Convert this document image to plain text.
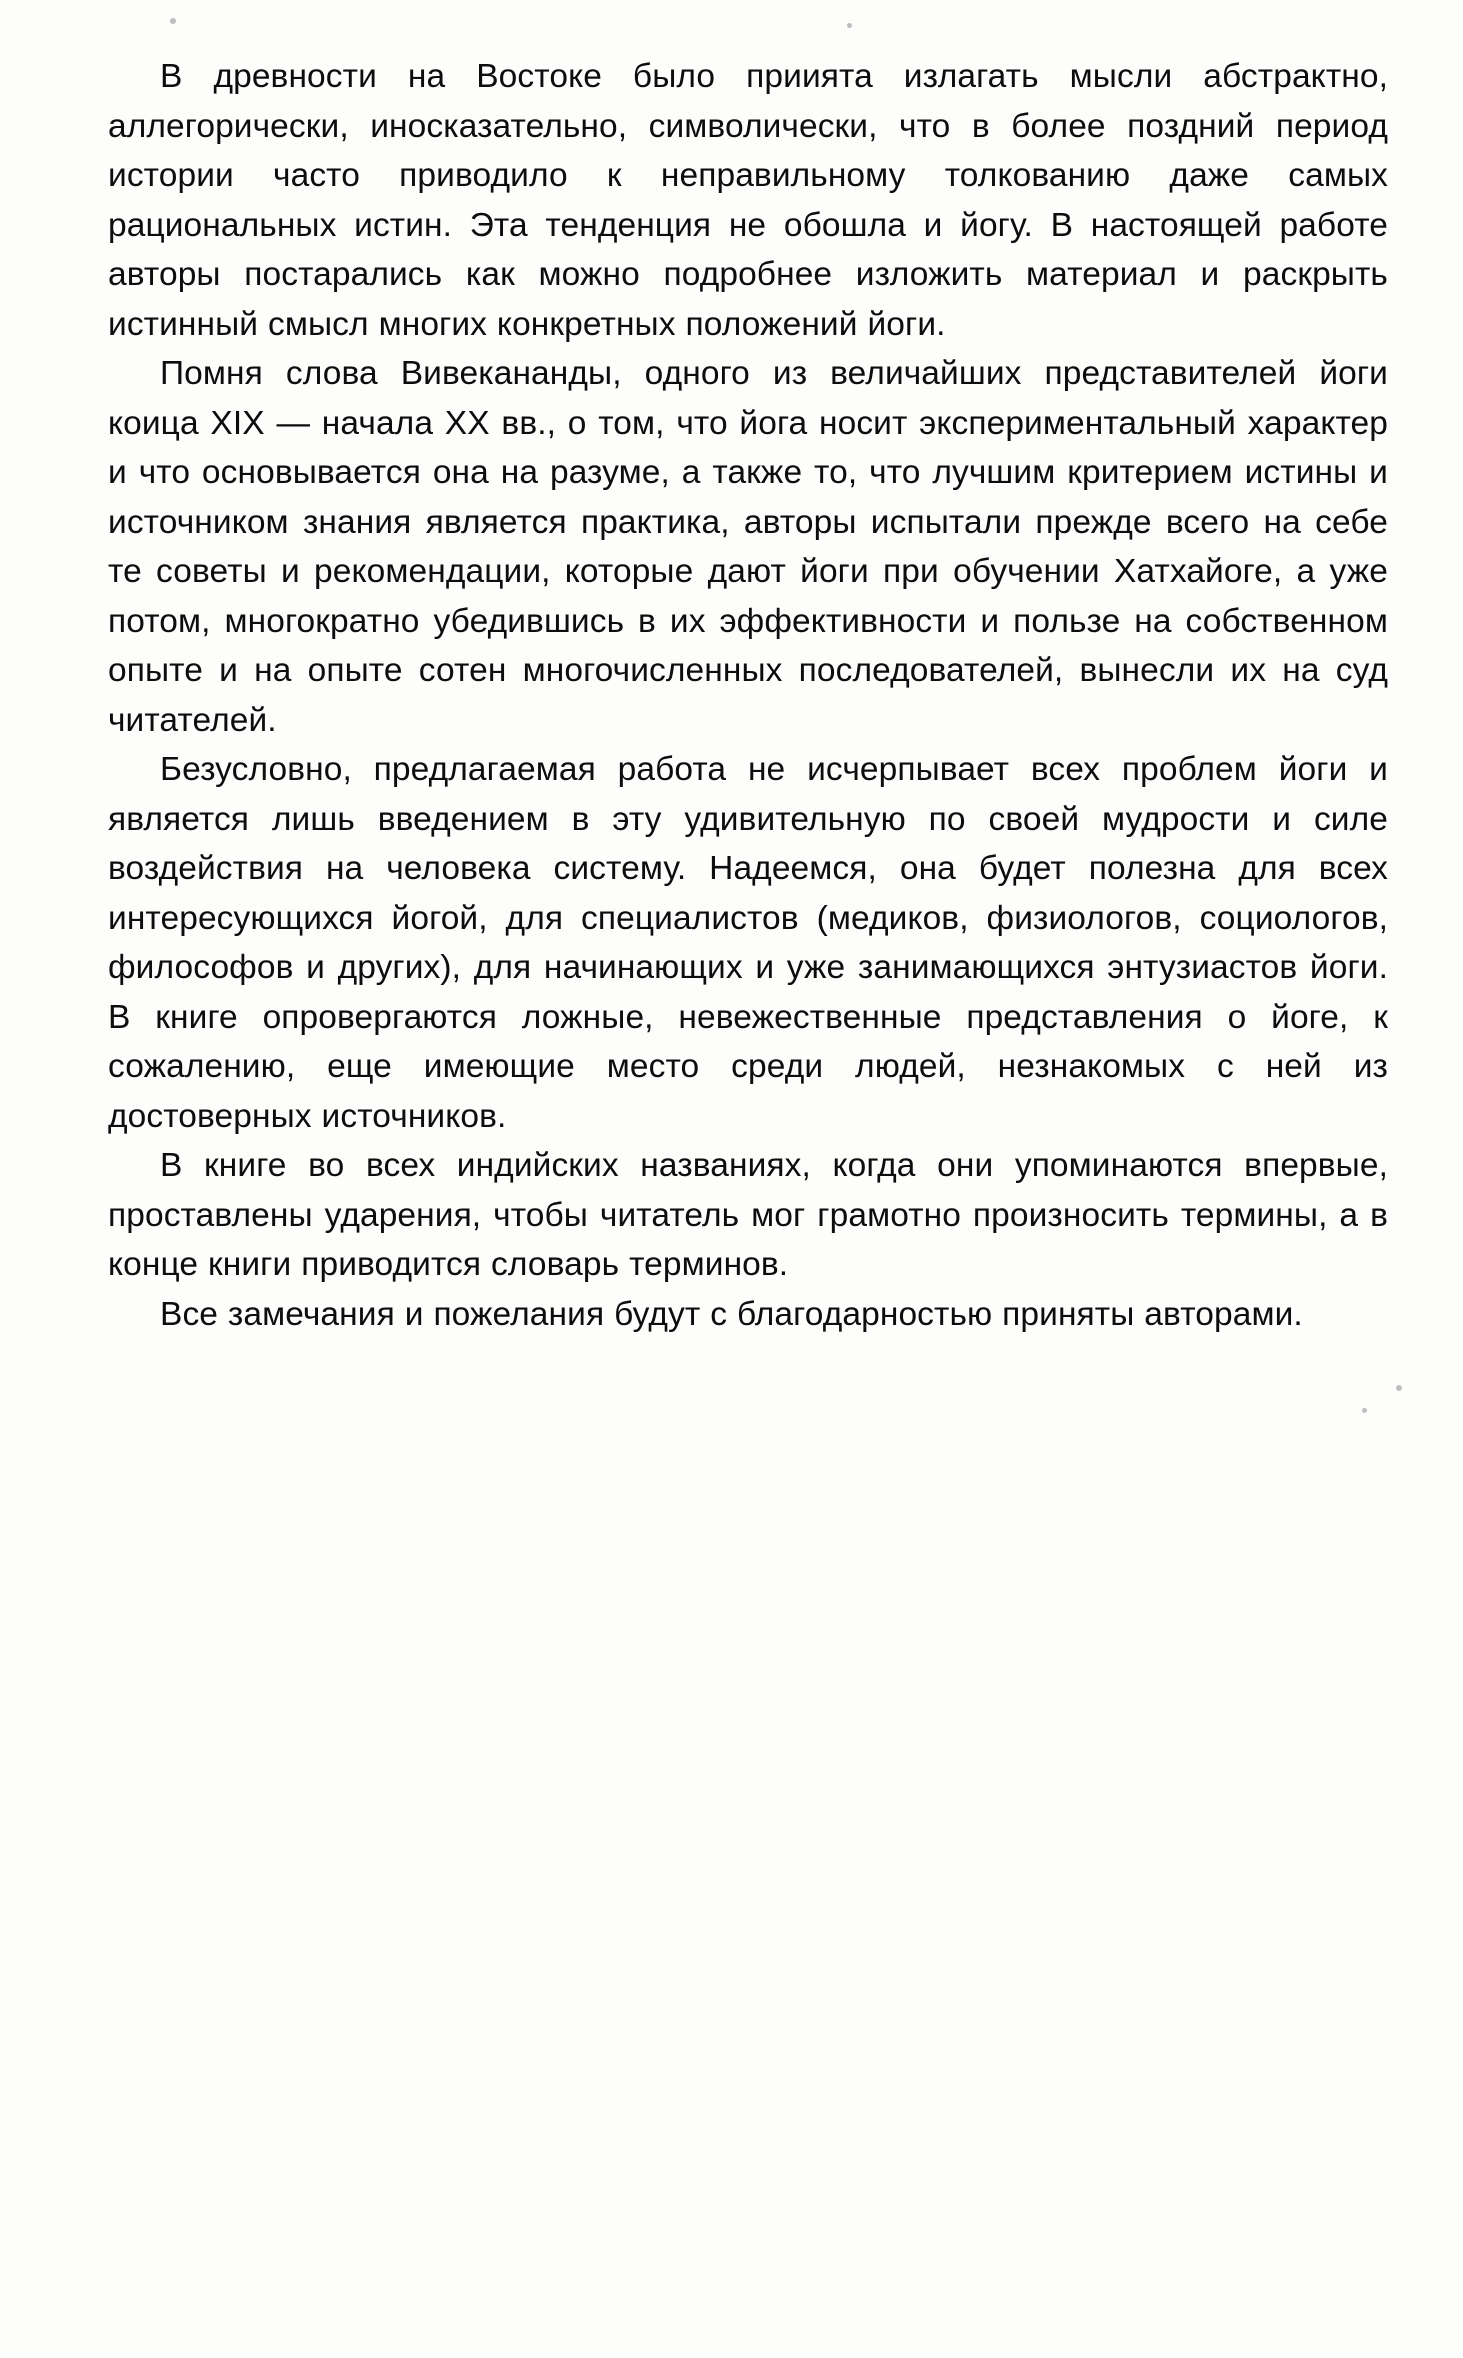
В древности на Востоке было приията излагать мысли абстрактно, аллегорически, иносказательно, символически, что в более поздний период истории часто приводило к неправильному толкованию даже самых рациональных истин. Эта тенденция не обошла и йогу. В настоящей работе авторы постарались как можно подробнее изложить материал и раскрыть истинный смысл многих конкретных положений йоги.

Помня слова Вивекананды, одного из величайших представителей йоги коица XIX — начала XX вв., о том, что йога носит экспериментальный характер и что основывается она на разуме, а также то, что лучшим критерием истины и источником знания является практика, авторы испытали прежде всего на себе те советы и рекомендации, которые дают йоги при обучении Хатхайоге, а уже потом, многократно убедившись в их эффективности и пользе на собственном опыте и на опыте сотен многочисленных последователей, вынесли их на суд читателей.

Безусловно, предлагаемая работа не исчерпывает всех проблем йоги и является лишь введением в эту удивительную по своей мудрости и силе воздействия на человека систему. Надеемся, она будет полезна для всех интересующихся йогой, для специалистов (медиков, физиологов, социологов, философов и других), для начинающих и уже занимающихся энтузиастов йоги. В книге опровергаются ложные, невежественные представления о йоге, к сожалению, еще имеющие место среди людей, незнакомых с ней из достоверных источников.

В книге во всех индийских названиях, когда они упоминаются впервые, проставлены ударения, чтобы читатель мог грамотно произносить термины, а в конце книги приводится словарь терминов.

Все замечания и пожелания будут с благодарностью приняты авторами.
